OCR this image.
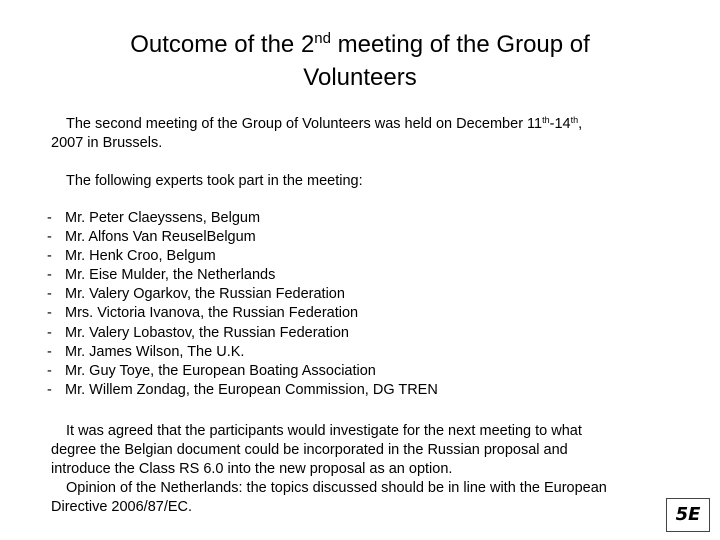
Outcome of the 2nd meeting of the Group of
Volunteers
The second meeting of the Group of Volunteers was held on December 11th-14th,
2007 in Brussels.
The following experts took part in the meeting:
- Mr. Peter Claeyssens, Belgum
- Mr. Alfons Van Reusel​Belgum
- Mr. Henk Croo, Belgum
- Mr. Eise Mulder, the Netherlands
- Mr. Valery Ogarkov, the Russian Federation
- Mrs. Victoria Ivanova, the Russian Federation
- Mr. Valery Lobastov, the Russian Federation
- Mr. James Wilson, The U.K.
- Mr. Guy Toye, the European Boating Association
- Mr. Willem Zondag, the European Commission, DG TREN
It was agreed that the participants would investigate for the next meeting to what
degree the Belgian document could be incorporated in the Russian proposal and
introduce the Class RS 6.0 into the new proposal as an option.
Opinion of the Netherlands: the topics discussed should be in line with the European
Directive 2006/87/EC.	5E
